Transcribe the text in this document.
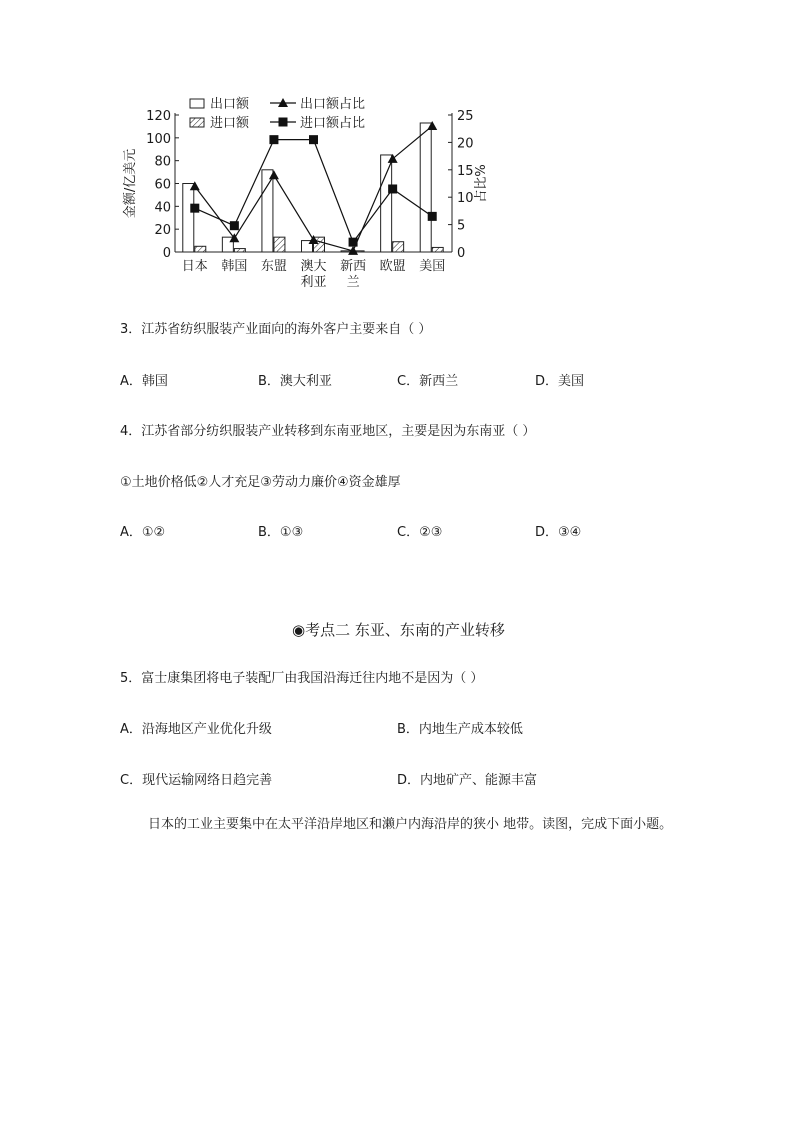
0
20
40
60
80
100
120
0
5
10
15
20
25
金额/亿美元	占比%
日本 韩国 东盟 澳大
利亚
新西
兰
欧盟 美国
出口额
进口额
出口额占比
进口额占比
3．江苏省纺织服装产业面向的海外客户主要来自（ ）
A．韩国	B．澳大利亚	C．新西兰	D．美国
4．江苏省部分纺织服装产业转移到东南亚地区，主要是因为东南亚（ ）
①土地价格低②人才充足③劳动力廉价④资金雄厚
A．①②	B．①③	C．②③	D．③④
◉考点二 东亚、东南的产业转移
5．富士康集团将电子装配厂由我国沿海迁往内地不是因为（ ）
A．沿海地区产业优化升级	B．内地生产成本较低
C．现代运输网络日趋完善	D．内地矿产、能源丰富
日本的工业主要集中在太平洋沿岸地区和濑户内海沿岸的狭小 地带。读图，完成下面小题。
